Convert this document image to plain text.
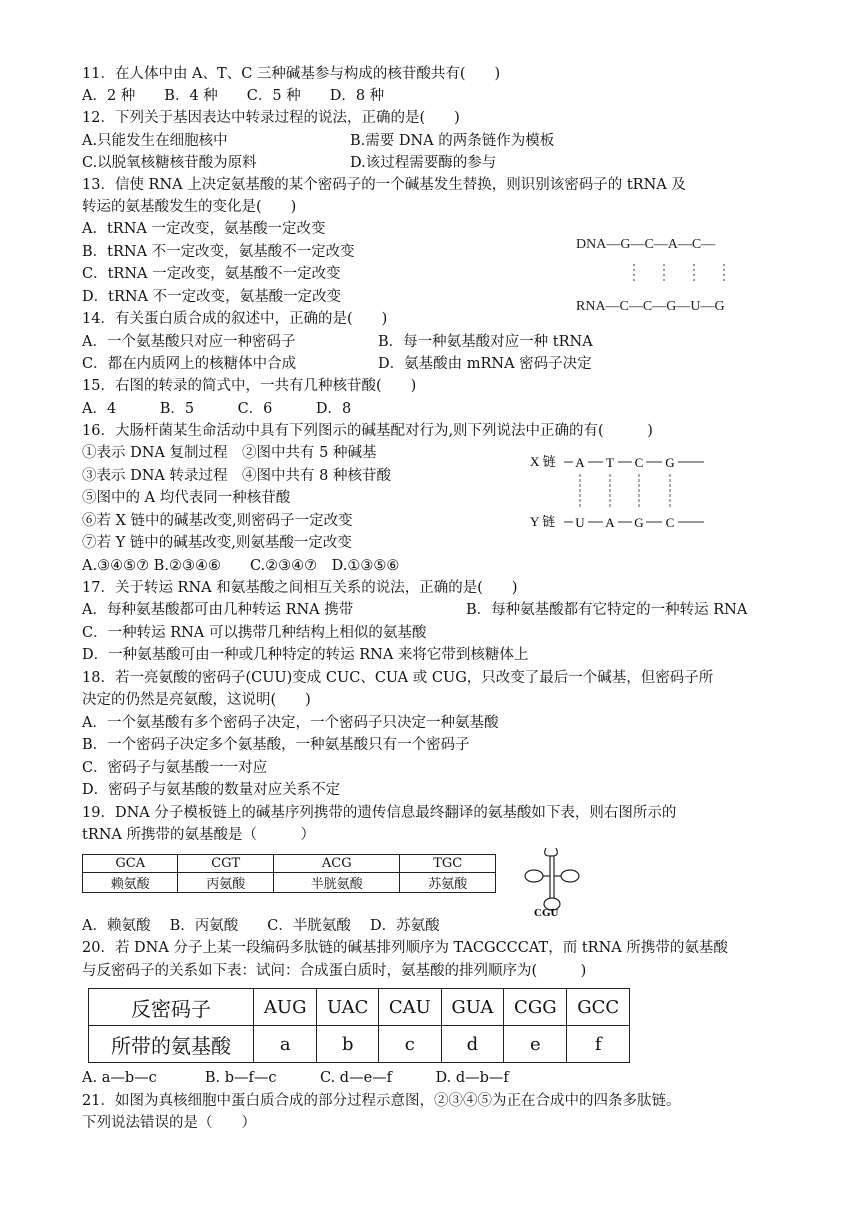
11．在人体中由 A、T、C 三种碱基参与构成的核苷酸共有(　　)
A．2 种　　B．4 种　　C．5 种　　D．8 种
12．下列关于基因表达中转录过程的说法，正确的是(　　)
13．信使 RNA 上决定氨基酸的某个密码子的一个碱基发生替换，则识别该密码子的 tRNA 及
转运的氨基酸发生的变化是(　　)
A．tRNA 一定改变，氨基酸一定改变
B．tRNA 不一定改变，氨基酸不一定改变
C．tRNA 一定改变，氨基酸不一定改变
D．tRNA 不一定改变，氨基酸一定改变
14．有关蛋白质合成的叙述中，正确的是(　　)
15．右图的转录的简式中，一共有几种核苷酸(　　)
A．4　　　B．5　　　C．6　　　D．8
16．大肠杆菌某生命活动中具有下列图示的碱基配对行为,则下列说法中正确的有(　　　)
①表示 DNA 复制过程　②图中共有 5 种碱基
③表示 DNA 转录过程　④图中共有 8 种核苷酸
⑤图中的 A 均代表同一种核苷酸
⑥若 X 链中的碱基改变,则密码子一定改变
⑦若 Y 链中的碱基改变,则氨基酸一定改变
A.③④⑤⑦ B.②③④⑥　　C.②③④⑦　D.①③⑤⑥
17．关于转运 RNA 和氨基酸之间相互关系的说法，正确的是(　　)
C．一种转运 RNA 可以携带几种结构上相似的氨基酸
D．一种氨基酸可由一种或几种特定的转运 RNA 来将它带到核糖体上
18．若一亮氨酸的密码子(CUU)变成 CUC、CUA 或 CUG，只改变了最后一个碱基，但密码子所
决定的仍然是亮氨酸，这说明(　　)
A．一个氨基酸有多个密码子决定，一个密码子只决定一种氨基酸
B．一个密码子决定多个氨基酸，一种氨基酸只有一个密码子
C．密码子与氨基酸一一对应
D．密码子与氨基酸的数量对应关系不定
19．DNA 分子模板链上的碱基序列携带的遗传信息最终翻译的氨基酸如下表，则右图所示的
tRNA 所携带的氨基酸是（　　　）
A．赖氨酸　 B．丙氨酸　　C．半胱氨酸　 D．苏氨酸
20．若 DNA 分子上某一段编码多肽链的碱基排列顺序为 TACGCCCAT，而 tRNA 所携带的氨基酸
与反密码子的关系如下表：试问：合成蛋白质时，氨基酸的排列顺序为(　　　)
A. a—b—c　　　 B. b—f—c　　　C. d—e—f　　　D. d—b—f
21．如图为真核细胞中蛋白质合成的部分过程示意图，②③④⑤为正在合成中的四条多肽链。
下列说法错误的是（　　）
A.只能发生在细胞核中	B.需要 DNA 的两条链作为模板
C.以脱氧核糖核苷酸为原料	D.该过程需要酶的参与
A．一个氨基酸只对应一种密码子	B．每一种氨基酸对应一种 tRNA
C．都在内质网上的核糖体中合成	D．氨基酸由 mRNA 密码子决定
A．每种氨基酸都可由几种转运 RNA 携带	B．每种氨基酸都有它特定的一种转运 RNA
DNA—G—C—A—C—
RNA—C—C—G—U—G
X 链
Y 链
A T C G
U A G C
GCA	CGT	ACG	TGC
赖氨酸	丙氨酸	半胱氨酸	苏氨酸
CGU
反密码子	AUG	UAC	CAU	GUA	CGG	GCC
所带的氨基酸	a	b	c	d	e	f
